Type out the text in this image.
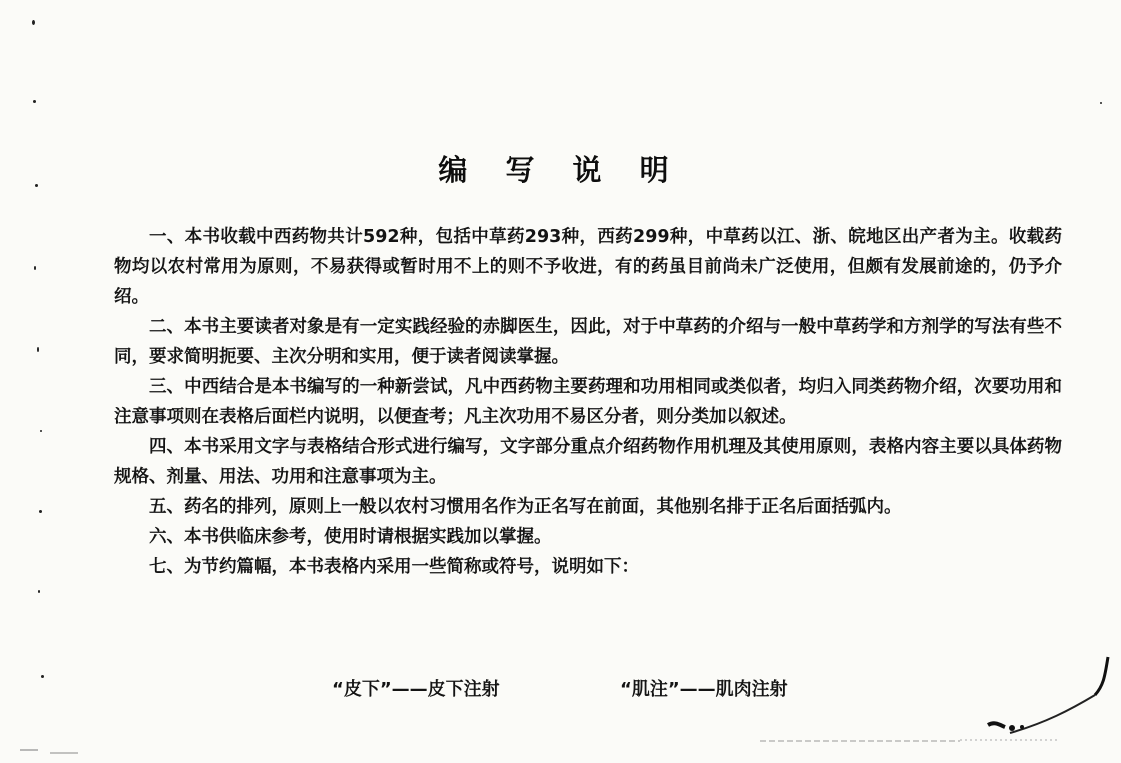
编 写 说 明

一、本书收载中西药物共计592种，包括中草药293种，西药299种，中草药以江、浙、皖地区出产者为主。收载药物均以农村常用为原则，不易获得或暂时用不上的则不予收进，有的药虽目前尚未广泛使用，但颇有发展前途的，仍予介绍。

二、本书主要读者对象是有一定实践经验的赤脚医生，因此，对于中草药的介绍与一般中草药学和方剂学的写法有些不同，要求简明扼要、主次分明和实用，便于读者阅读掌握。

三、中西结合是本书编写的一种新尝试，凡中西药物主要药理和功用相同或类似者，均归入同类药物介绍，次要功用和注意事项则在表格后面栏内说明，以便查考；凡主次功用不易区分者，则分类加以叙述。

四、本书采用文字与表格结合形式进行编写，文字部分重点介绍药物作用机理及其使用原则，表格内容主要以具体药物规格、剂量、用法、功用和注意事项为主。

五、药名的排列，原则上一般以农村习惯用名作为正名写在前面，其他别名排于正名后面括弧内。

六、本书供临床参考，使用时请根据实践加以掌握。

七、为节约篇幅，本书表格内采用一些简称或符号，说明如下：

“皮下”——皮下注射	“肌注”——肌肉注射
